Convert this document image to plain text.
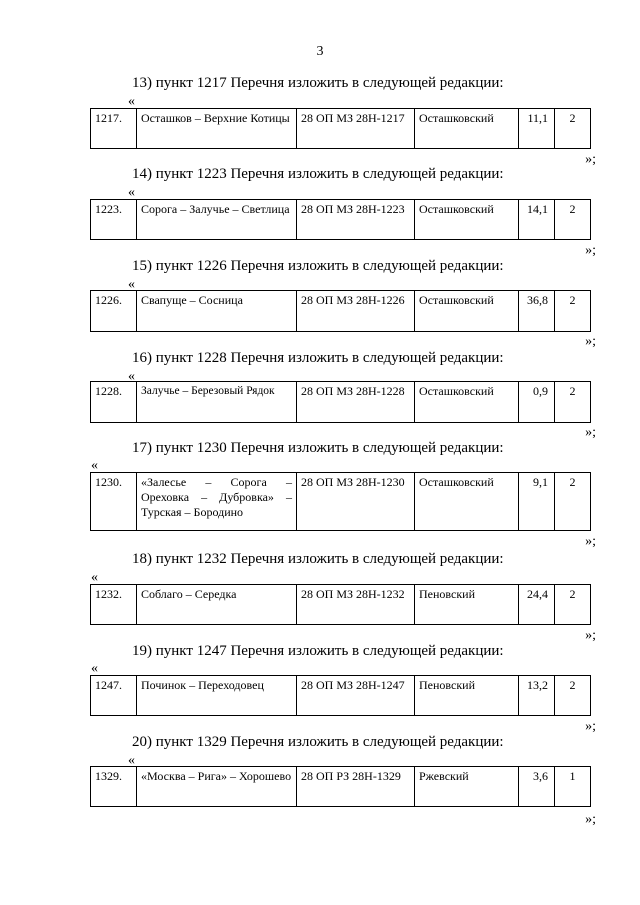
3
13) пункт 1217 Перечня изложить в следующей редакции:
«
1217.	Осташков – Верхние Котицы	28 ОП МЗ 28Н-1217	Осташковский	11,1	2
»;
14) пункт 1223 Перечня изложить в следующей редакции:
«
1223.	Сорога – Залучье – Светлица	28 ОП МЗ 28Н-1223	Осташковский	14,1	2
»;
15) пункт 1226 Перечня изложить в следующей редакции:
«
1226.	Свапуще – Сосница	28 ОП МЗ 28Н-1226	Осташковский	36,8	2
»;
16) пункт 1228 Перечня изложить в следующей редакции:
«
1228.	Залучье – Березовый Рядок	28 ОП МЗ 28Н-1228	Осташковский	0,9	2
»;
17) пункт 1230 Перечня изложить в следующей редакции:
«
1230.	«Залесье – Сорога – Ореховка – Дубровка» – Турская – Бородино	28 ОП МЗ 28Н-1230	Осташковский	9,1	2
»;
18) пункт 1232 Перечня изложить в следующей редакции:
«
1232.	Соблаго – Середка	28 ОП МЗ 28Н-1232	Пеновский	24,4	2
»;
19) пункт 1247 Перечня изложить в следующей редакции:
«
1247.	Починок – Переходовец	28 ОП МЗ 28Н-1247	Пеновский	13,2	2
»;
20) пункт 1329 Перечня изложить в следующей редакции:
«
1329.	«Москва – Рига» – Хорошево	28 ОП РЗ 28Н-1329	Ржевский	3,6	1
»;
